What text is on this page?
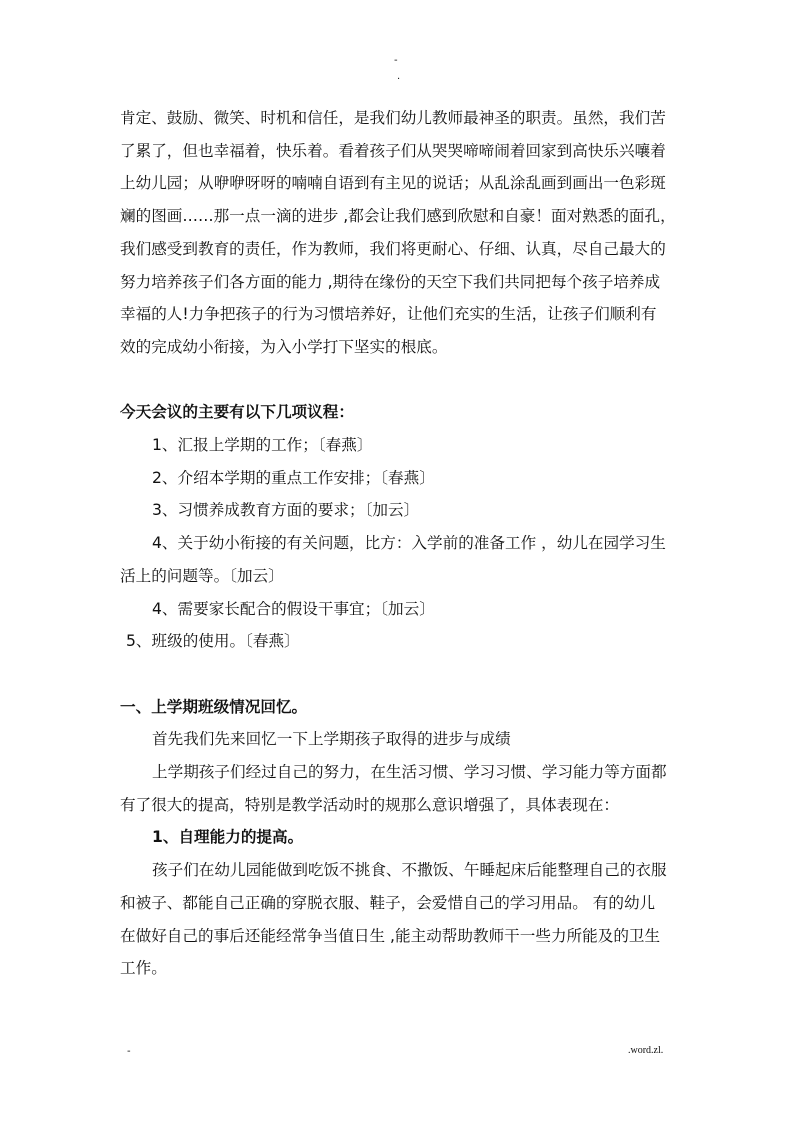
-
.

肯定、鼓励、微笑、时机和信任，是我们幼儿教师最神圣的职责。虽然，我们苦
了累了，但也幸福着，快乐着。看着孩子们从哭哭啼啼闹着回家到高快乐兴嚷着
上幼儿园；从咿咿呀呀的喃喃自语到有主见的说话；从乱涂乱画到画出一色彩斑
斓的图画……那一点一滴的进步 ,都会让我们感到欣慰和自豪！面对熟悉的面孔，
我们感受到教育的责任，作为教师，我们将更耐心、仔细、认真，尽自己最大的
努力培养孩子们各方面的能力 ,期待在缘份的天空下我们共同把每个孩子培养成
幸福的人!力争把孩子的行为习惯培养好，让他们充实的生活，让孩子们顺利有
效的完成幼小衔接，为入小学打下坚实的根底。

今天会议的主要有以下几项议程：
1、汇报上学期的工作；〔春燕〕
2、介绍本学期的重点工作安排；〔春燕〕
3、习惯养成教育方面的要求；〔加云〕
4、关于幼小衔接的有关问题，比方：入学前的准备工作 ，幼儿在园学习生
活上的问题等。〔加云〕
4、需要家长配合的假设干事宜；〔加云〕
5、班级的使用。〔春燕〕
一、上学期班级情况回忆。
首先我们先来回忆一下上学期孩子取得的进步与成绩

上学期孩子们经过自己的努力，在生活习惯、学习习惯、学习能力等方面都
有了很大的提高，特别是教学活动时的规那么意识增强了，具体表现在：

1、自理能力的提高。

孩子们在幼儿园能做到吃饭不挑食、不撒饭、午睡起床后能整理自己的衣服
和被子、都能自己正确的穿脱衣服、鞋子，会爱惜自己的学习用品。 有的幼儿
在做好自己的事后还能经常争当值日生 ,能主动帮助教师干一些力所能及的卫生
工作。

-	.word.zl.
